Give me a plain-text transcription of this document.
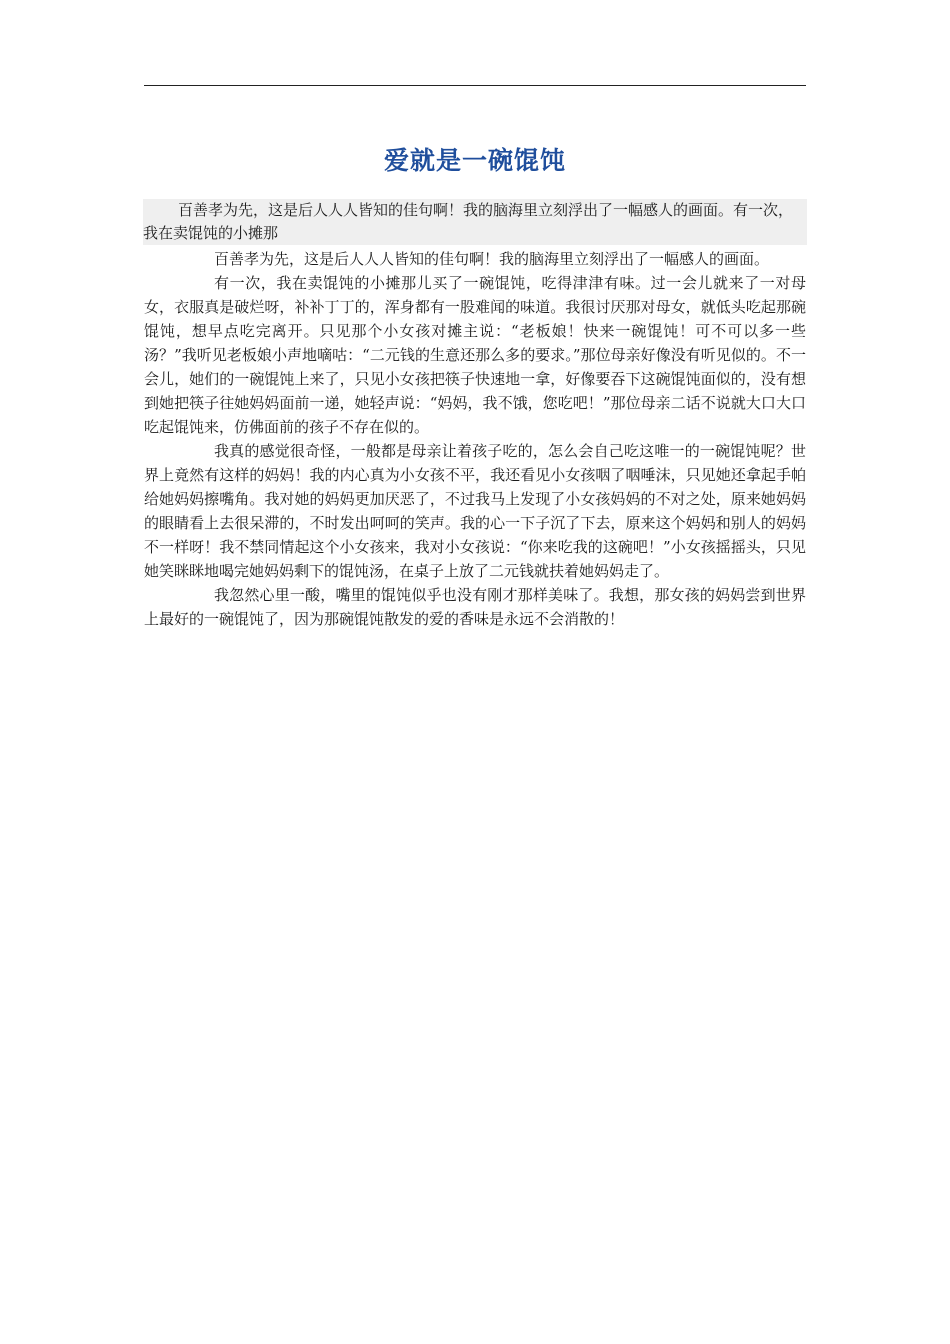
爱就是一碗馄饨

百善孝为先，这是后人人人皆知的佳句啊！我的脑海里立刻浮出了一幅感人的画面。有一次，我在卖馄饨的小摊那

百善孝为先，这是后人人人皆知的佳句啊！我的脑海里立刻浮出了一幅感人的画面。

有一次，我在卖馄饨的小摊那儿买了一碗馄饨，吃得津津有味。过一会儿就来了一对母女，衣服真是破烂呀，补补丁丁的，浑身都有一股难闻的味道。我很讨厌那对母女，就低头吃起那碗馄饨，想早点吃完离开。只见那个小女孩对摊主说：“老板娘！快来一碗馄饨！可不可以多一些汤？”我听见老板娘小声地嘀咕：“二元钱的生意还那么多的要求。”那位母亲好像没有听见似的。不一会儿，她们的一碗馄饨上来了，只见小女孩把筷子快速地一拿，好像要吞下这碗馄饨面似的，没有想到她把筷子往她妈妈面前一递，她轻声说：“妈妈，我不饿，您吃吧！”那位母亲二话不说就大口大口吃起馄饨来，仿佛面前的孩子不存在似的。

我真的感觉很奇怪，一般都是母亲让着孩子吃的，怎么会自己吃这唯一的一碗馄饨呢？世界上竟然有这样的妈妈！我的内心真为小女孩不平，我还看见小女孩咽了咽唾沫，只见她还拿起手帕给她妈妈擦嘴角。我对她的妈妈更加厌恶了，不过我马上发现了小女孩妈妈的不对之处，原来她妈妈的眼睛看上去很呆滞的，不时发出呵呵的笑声。我的心一下子沉了下去，原来这个妈妈和别人的妈妈不一样呀！我不禁同情起这个小女孩来，我对小女孩说：“你来吃我的这碗吧！”小女孩摇摇头，只见她笑眯眯地喝完她妈妈剩下的馄饨汤，在桌子上放了二元钱就扶着她妈妈走了。

我忽然心里一酸，嘴里的馄饨似乎也没有刚才那样美味了。我想，那女孩的妈妈尝到世界上最好的一碗馄饨了，因为那碗馄饨散发的爱的香味是永远不会消散的！
